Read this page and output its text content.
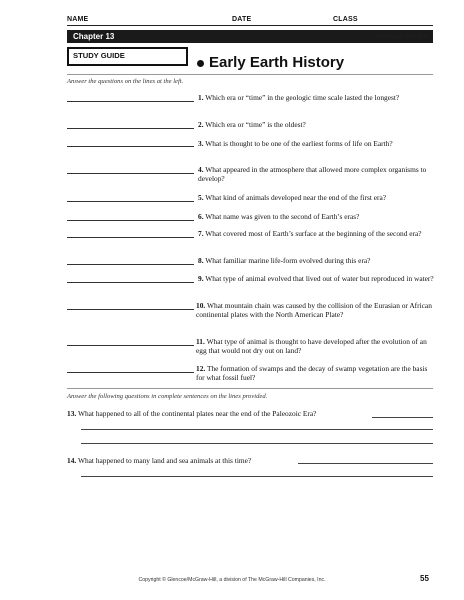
NAME	DATE	CLASS
Chapter 13	Text Pages 366–373
STUDY GUIDE	Early Earth History
Answer the questions on the lines at the left.
1. Which era or “time” in the geologic time scale lasted the longest?
2. Which era or “time” is the oldest?
3. What is thought to be one of the earliest forms of life on Earth?
4. What appeared in the atmosphere that allowed more complex organisms to develop?
5. What kind of animals developed near the end of the first era?
6. What name was given to the second of Earth’s eras?
7. What covered most of Earth’s surface at the beginning of the second era?
8. What familiar marine life-form evolved during this era?
9. What type of animal evolved that lived out of water but reproduced in water?
10. What mountain chain was caused by the collision of the Eurasian or African continental plates with the North American Plate?
11. What type of animal is thought to have developed after the evolution of an egg that would not dry out on land?
12. The formation of swamps and the decay of swamp vegetation are the basis for what fossil fuel?
Answer the following questions in complete sentences on the lines provided.
13. What happened to all of the continental plates near the end of the Paleozoic Era?
14. What happened to many land and sea animals at this time?
Copyright © Glencoe/McGraw-Hill, a division of The McGraw-Hill Companies, Inc.	55
